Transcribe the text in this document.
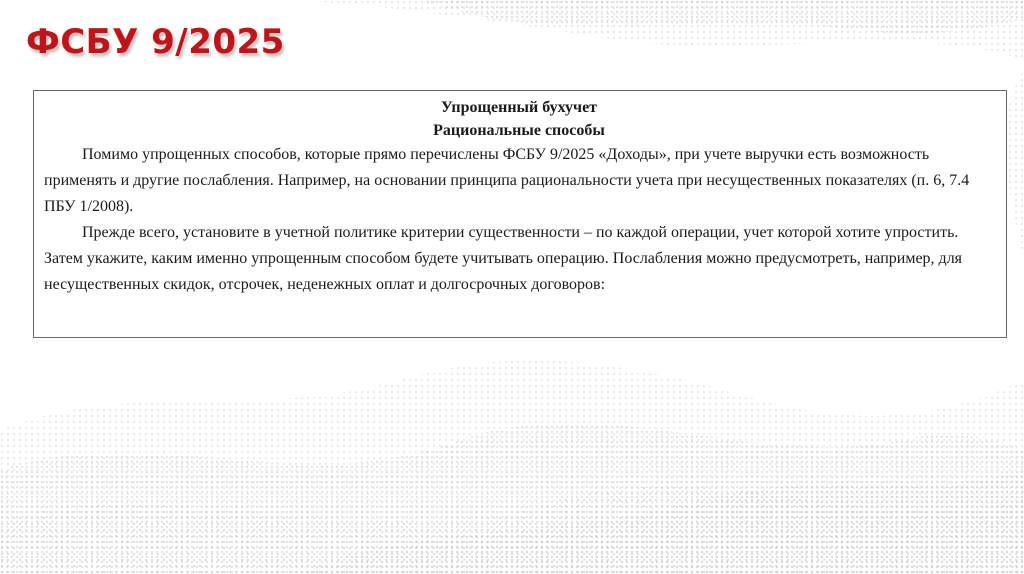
ФСБУ 9/2025
Упрощенный бухучет
Рациональные способы

Помимо упрощенных способов, которые прямо перечислены ФСБУ 9/2025 «Доходы», при учете выручки есть возможность применять и другие послабления. Например, на основании принципа рациональности учета при несущественных показателях (п. 6, 7.4 ПБУ 1/2008).

Прежде всего, установите в учетной политике критерии существенности – по каждой операции, учет которой хотите упростить. Затем укажите, каким именно упрощенным способом будете учитывать операцию. Послабления можно предусмотреть, например, для несущественных скидок, отсрочек, неденежных оплат и долгосрочных договоров:
